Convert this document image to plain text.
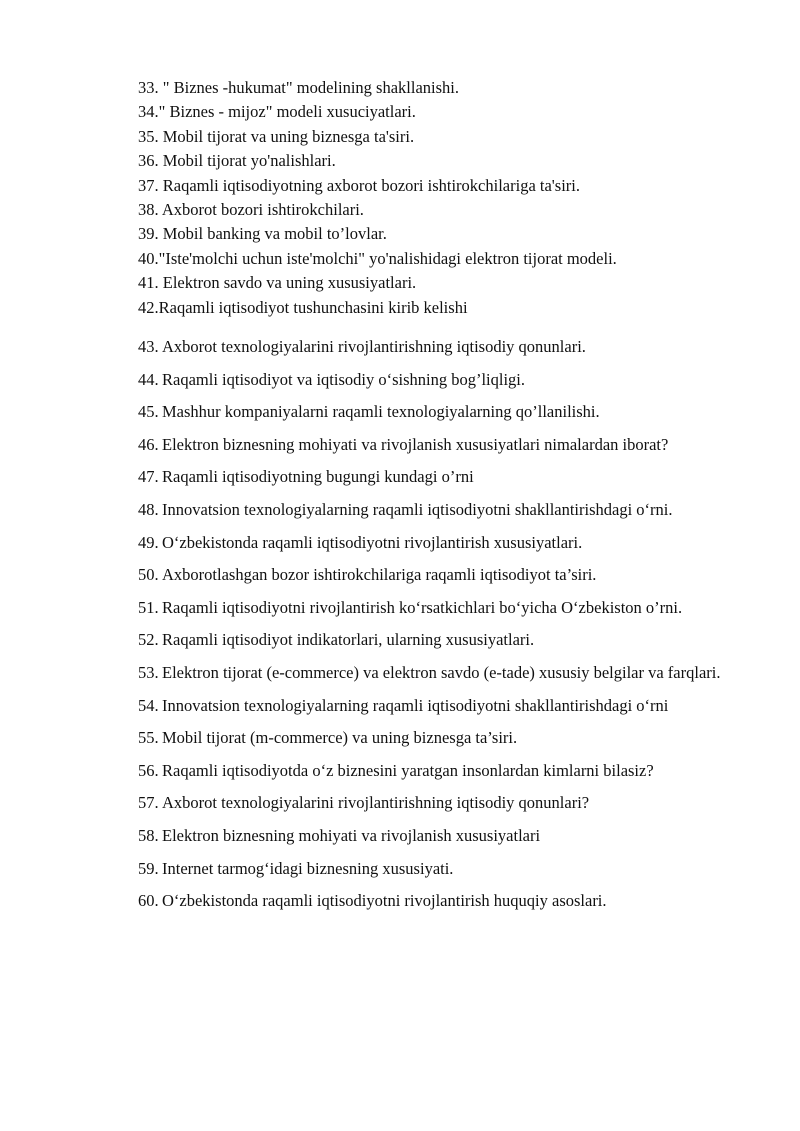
33. " Biznes -hukumat" modelining shakllanishi.
34." Biznes - mijoz" modeli xusuсiyatlari.
35. Mobil tijorat va uning biznesga ta'siri.
36. Mobil tijorat yo'nalishlari.
37. Raqamli iqtisodiyotning axborot bozori ishtirokchilariga ta'siri.
38. Axborot bozori ishtirokchilari.
39. Mobil banking va mobil to’lovlar.
40."Iste'molchi uchun iste'molchi" yo'nalishidagi elektron tijorat modeli.
41. Elektron savdo va uning xususiyatlari.
42.Raqamli iqtisodiyot tushunchasini kirib kelishi
43. Axborot texnologiyalarini rivojlantirishning iqtisodiy qonunlari.
44. Raqamli iqtisodiyot va iqtisodiy o‘sishning bog’liqligi.
45. Mashhur kompaniyalarni raqamli texnologiyalarning qo’llanilishi.
46. Elektron biznesning mohiyati va rivojlanish xususiyatlari nimalardan iborat?
47. Raqamli iqtisodiyotning bugungi kundagi o’rni
48. Innovatsion texnologiyalarning raqamli iqtisodiyotni shakllantirishdagi o‘rni.
49. O‘zbekistonda raqamli iqtisodiyotni rivojlantirish xususiyatlari.
50. Axborotlashgan bozor ishtirokchilariga raqamli iqtisodiyot ta’siri.
51. Raqamli iqtisodiyotni rivojlantirish ko‘rsatkichlari bo‘yicha O‘zbekiston o’rni.
52. Raqamli iqtisodiyot indikatorlari, ularning xususiyatlari.
53. Elektron tijorat (e-commerce) va elektron savdo (e-tade) xususiy belgilar va farqlari.
54. Innovatsion texnologiyalarning raqamli iqtisodiyotni shakllantirishdagi o‘rni
55. Mobil tijorat (m-commerce) va uning biznesga ta’siri.
56. Raqamli iqtisodiyotda o‘z biznesini yaratgan insonlardan kimlarni bilasiz?
57. Axborot texnologiyalarini rivojlantirishning iqtisodiy qonunlari?
58. Elektron biznesning mohiyati va rivojlanish xususiyatlari
59. Internet tarmog‘idagi biznesning xususiyati.
60. O‘zbekistonda raqamli iqtisodiyotni rivojlantirish huquqiy asoslari.
